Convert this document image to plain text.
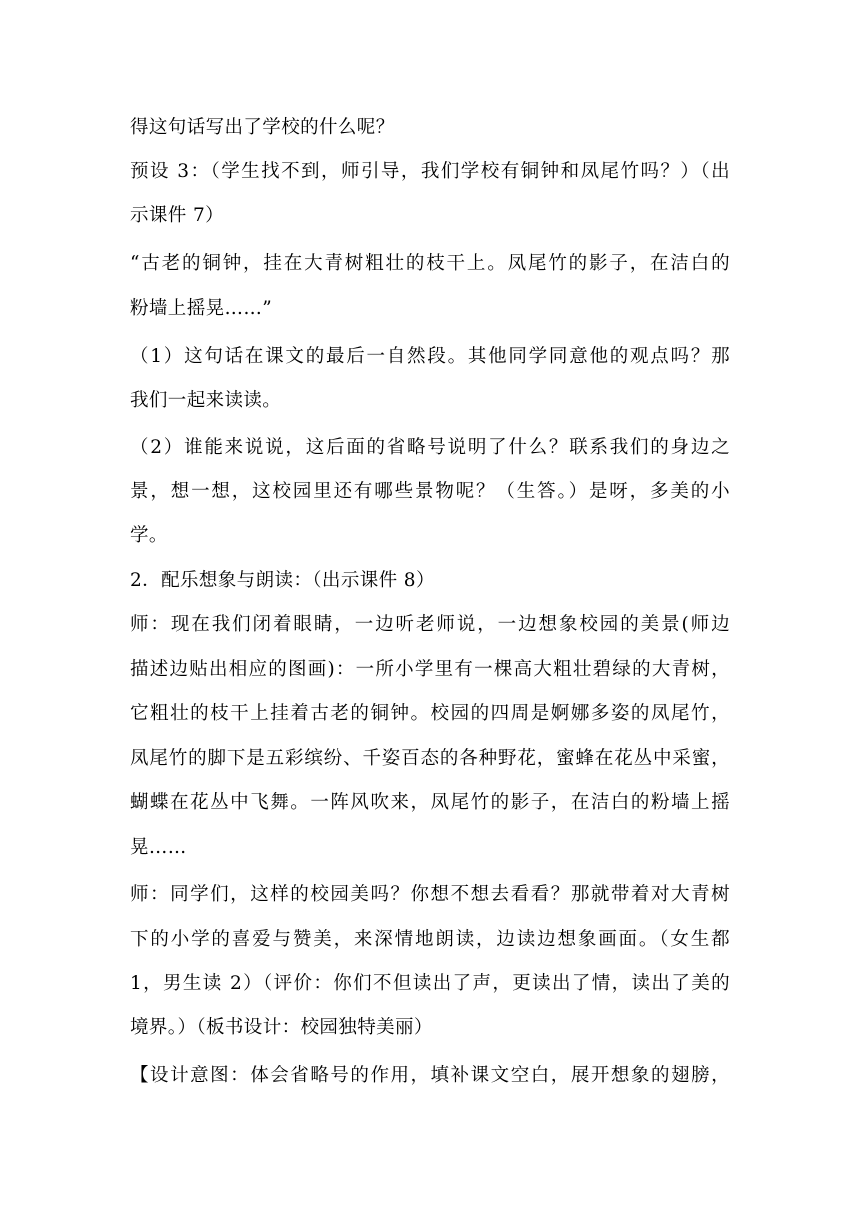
得这句话写出了学校的什么呢？
预设 3：（学生找不到，师引导，我们学校有铜钟和凤尾竹吗？）（出
示课件 7）
“古老的铜钟，挂在大青树粗壮的枝干上。凤尾竹的影子，在洁白的
粉墙上摇晃……”
（1）这句话在课文的最后一自然段。其他同学同意他的观点吗？那
我们一起来读读。
（2）谁能来说说，这后面的省略号说明了什么？联系我们的身边之
景，想一想，这校园里还有哪些景物呢？（生答。）是呀，多美的小
学。
2．配乐想象与朗读：（出示课件 8）
师：现在我们闭着眼睛，一边听老师说，一边想象校园的美景(师边
描述边贴出相应的图画)：一所小学里有一棵高大粗壮碧绿的大青树，
它粗壮的枝干上挂着古老的铜钟。校园的四周是婀娜多姿的凤尾竹，
凤尾竹的脚下是五彩缤纷、千姿百态的各种野花，蜜蜂在花丛中采蜜，
蝴蝶在花丛中飞舞。一阵风吹来，凤尾竹的影子，在洁白的粉墙上摇
晃……
师：同学们，这样的校园美吗？你想不想去看看？那就带着对大青树
下的小学的喜爱与赞美，来深情地朗读，边读边想象画面。（女生都
1，男生读 2）（评价：你们不但读出了声，更读出了情，读出了美的
境界。）（板书设计：校园独特美丽）
【设计意图：体会省略号的作用，填补课文空白，展开想象的翅膀，
